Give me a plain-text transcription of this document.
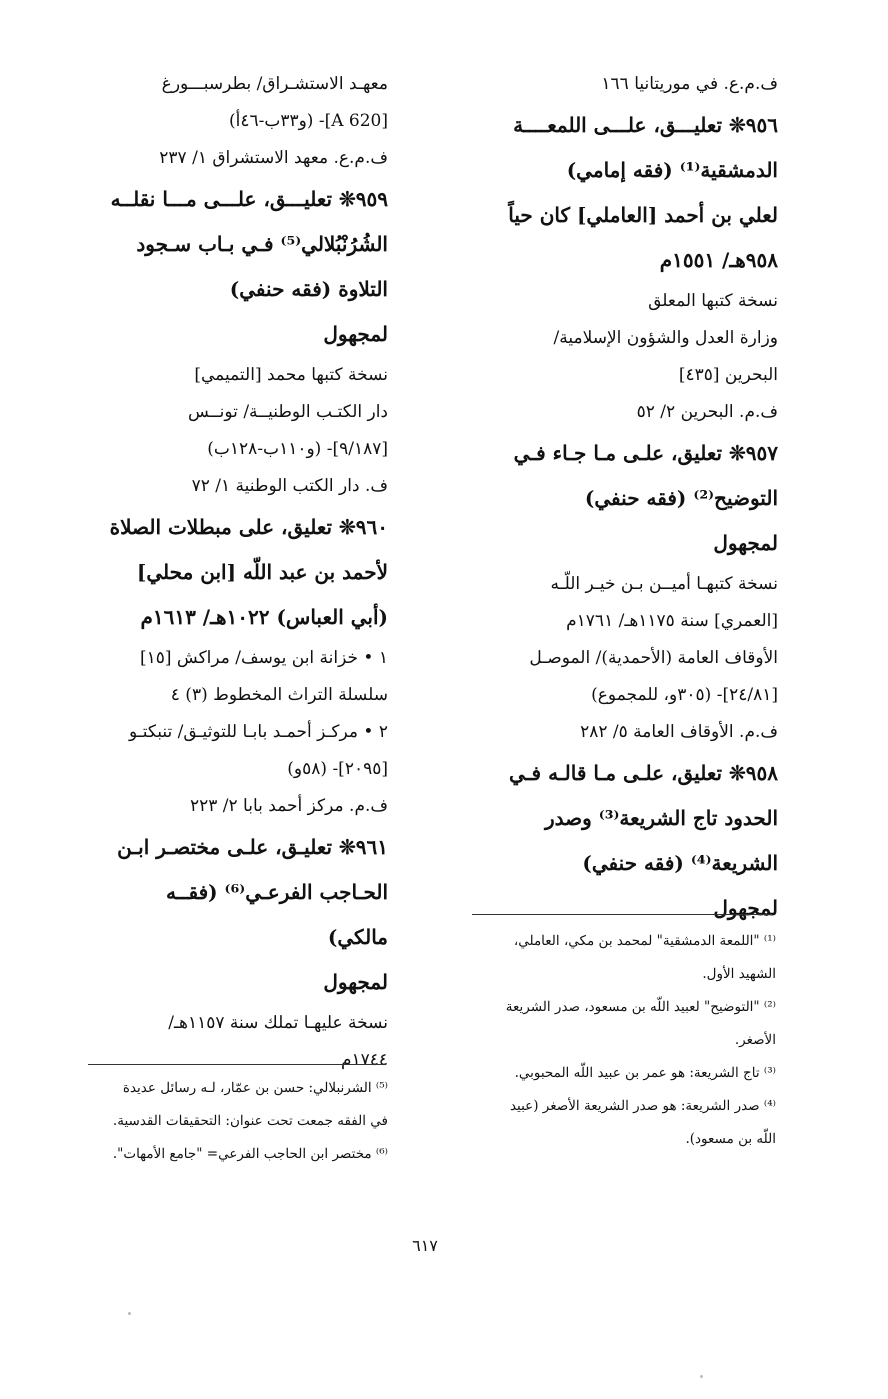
ف.م.ع. في موريتانيا ١٦٦
٩٥٦❊ تعليـــق، علـــى اللمعــــة
الدمشقية⁽¹⁾ (فقه إمامي)
لعلي بن أحمد [العاملي] كان حياً
٩٥٨هـ/ ١٥٥١م
نسخة كتبها المعلق
وزارة العدل والشؤون الإسلامية/
البحرين [٤٣٥]
ف.م. البحرين ٢/ ٥٢
٩٥٧❊ تعليق، علـى مـا جـاء فـي
التوضيح⁽²⁾ (فقه حنفي)
لمجهول
نسخة كتبهـا أميــن بـن خيـر اللّـه
[العمري] سنة ١١٧٥هـ/ ١٧٦١م
الأوقاف العامة (الأحمدية)/ الموصـل
[٢٤/٨١]- (٣٠٥و، للمجموع)
ف.م. الأوقاف العامة ٥/ ٢٨٢
٩٥٨❊ تعليق، علـى مـا قالـه فـي
الحدود تاج الشريعة⁽³⁾ وصدر
الشريعة⁽⁴⁾ (فقه حنفي)
لمجهول
معهـد الاستشـراق/ بطرسبـــورغ
[A 620]- (و٣٣ب-٤٦أ)
ف.م.ع. معهد الاستشراق ١/ ٢٣٧
٩٥٩❊ تعليـــق، علـــى مـــا نقلــه
الشُرُنْبُلالي⁽⁵⁾ فـي بـاب سـجود
التلاوة (فقه حنفي)
لمجهول
نسخة كتبها محمد [التميمي]
دار الكتـب الوطنيــة/ تونــس
[٩/١٨٧]- (و١١٠ب-١٢٨ب)
ف. دار الكتب الوطنية ١/ ٧٢
٩٦٠❊ تعليق، على مبطلات الصلاة
لأحمد بن عبد اللّه [ابن محلي]
(أبي العباس) ١٠٢٢هـ/ ١٦١٣م
١ • خزانة ابن يوسف/ مراكش [١٥]
سلسلة التراث المخطوط (٣) ٤
٢ • مركـز أحمـد بابـا للتوثيـق/ تنبكتـو
[٢٠٩٥]- (٥٨و)
ف.م. مركز أحمد بابا ٢/ ٢٢٣
٩٦١❊ تعليـق، علـى مختصـر ابـن
الحـاجب الفرعـي⁽⁶⁾ (فقــه
مالكي)
لمجهول
نسخة عليهـا تملك سنة ١١٥٧هـ/
١٧٤٤م
⁽¹⁾ "اللمعة الدمشقية" لمحمد بن مكي، العاملي،
الشهيد الأول.
⁽²⁾ "التوضيح" لعبيد اللّه بن مسعود، صدر الشريعة
الأصغر.
⁽³⁾ تاج الشريعة: هو عمر بن عبيد اللّه المحبوبي.
⁽⁴⁾ صدر الشريعة: هو صدر الشريعة الأصغر (عبيد
اللّه بن مسعود).
⁽⁵⁾ الشرنبلالي: حسن بن عمّار، لـه رسائل عديدة
في الفقه جمعت تحت عنوان: التحقيقات القدسية.
⁽⁶⁾ مختصر ابن الحاجب الفرعي= "جامع الأمهات".
٦١٧
